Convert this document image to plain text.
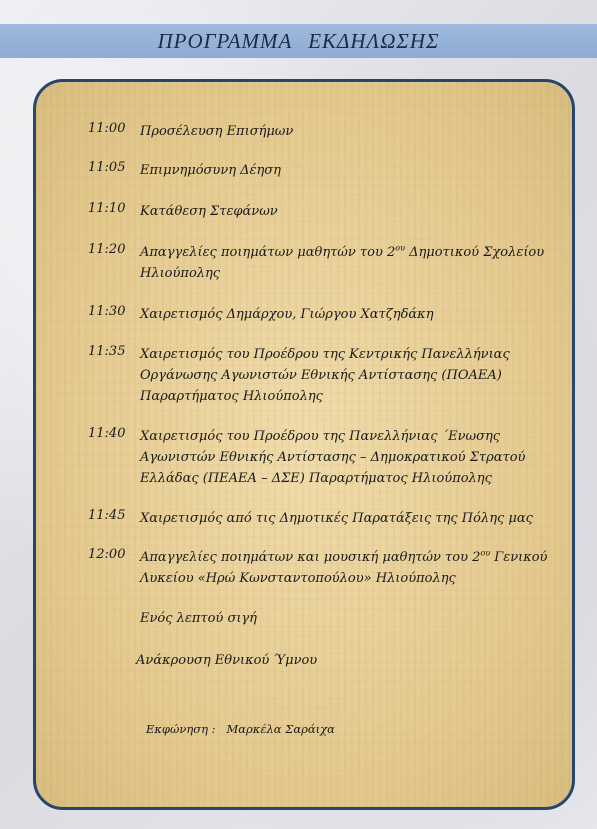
ΠΡΟΓΡΑΜΜΑ ΕΚΔΗΛΩΣΗΣ
11:00 Προσέλευση Επισήμων
11:05 Επιμνημόσυνη Δέηση
11:10 Κατάθεση Στεφάνων
11:20 Απαγγελίες ποιημάτων μαθητών του $2^{o\upsilon}$ Δημοτικού Σχολείου
Ηλιούπολης
11:30 Χαιρετισμός Δημάρχου, Γιώργου Χατζηδάκη
11:35 Χαιρετισμός του Προέδρου της Κεντρικής Πανελλήνιας
Οργάνωσης Αγωνιστών Εθνικής Αντίστασης (ΠΟΑΕΑ)
Παραρτήματος Ηλιούπολης
11:40 Χαιρετισμός του Προέδρου της Πανελλήνιας ΄Ενωσης
Αγωνιστών Εθνικής Αντίστασης – Δημοκρατικού Στρατού
Ελλάδας (ΠΕΑΕΑ – ΔΣΕ) Παραρτήματος Ηλιούπολης
11:45 Χαιρετισμός από τις Δημοτικές Παρατάξεις της Πόλης μας
12:00 Απαγγελίες ποιημάτων και μουσική μαθητών του $2^{o\upsilon}$ Γενικού
Λυκείου «Ηρώ Κωνσταντοπούλου» Ηλιούπολης
Ενός λεπτού σιγή
Ανάκρουση Εθνικού Ύμνου
Εκφώνηση :   Μαρκέλα Σαράιχα
